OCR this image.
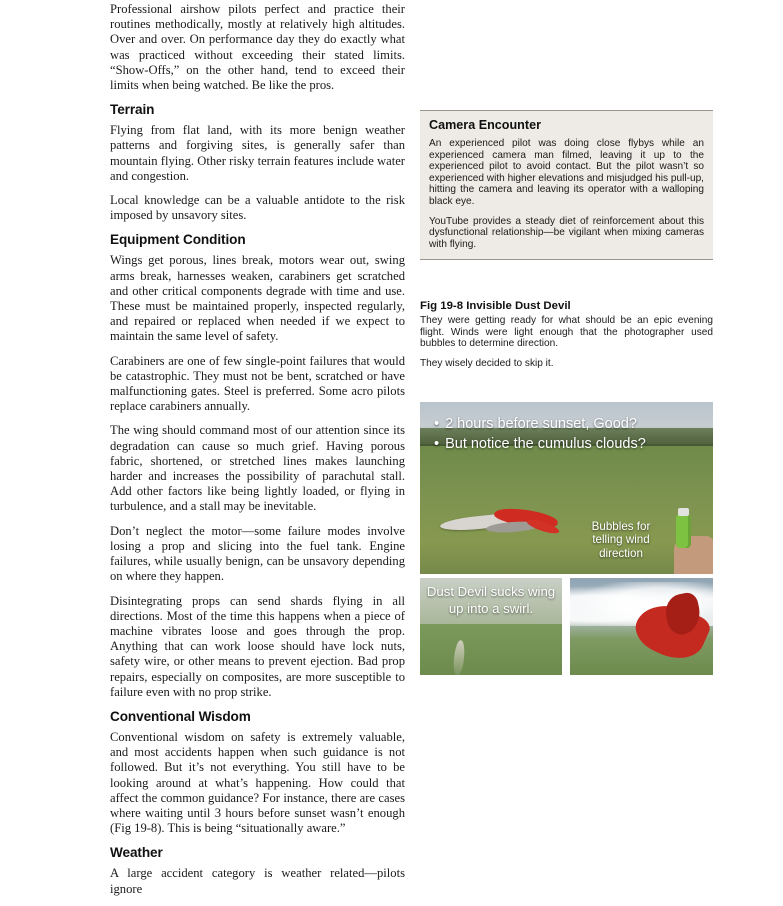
Professional airshow pilots perfect and practice their routines methodically, mostly at relatively high altitudes. Over and over. On performance day they do exactly what was practiced without exceeding their stated limits. “Show-Offs,” on the other hand, tend to exceed their limits when being watched. Be like the pros.

Terrain

Flying from flat land, with its more benign weather patterns and forgiving sites, is generally safer than mountain flying. Other risky terrain features include water and congestion.

Local knowledge can be a valuable antidote to the risk imposed by unsavory sites.

Equipment Condition

Wings get porous, lines break, motors wear out, swing arms break, harnesses weaken, carabiners get scratched and other critical components degrade with time and use. These must be maintained properly, inspected regularly, and repaired or replaced when needed if we expect to maintain the same level of safety.

Carabiners are one of few single-point failures that would be catastrophic. They must not be bent, scratched or have malfunctioning gates. Steel is preferred. Some acro pilots replace carabiners annually.

The wing should command most of our attention since its degradation can cause so much grief. Having porous fabric, shortened, or stretched lines makes launching harder and increases the possibility of parachutal stall. Add other factors like being lightly loaded, or flying in turbulence, and a stall may be inevitable.

Don’t neglect the motor—some failure modes involve losing a prop and slicing into the fuel tank. Engine failures, while usually benign, can be unsavory depending on where they happen.

Disintegrating props can send shards flying in all directions. Most of the time this happens when a piece of machine vibrates loose and goes through the prop. Anything that can work loose should have lock nuts, safety wire, or other means to prevent ejection. Bad prop repairs, especially on composites, are more susceptible to failure even with no prop strike.

Conventional Wisdom

Conventional wisdom on safety is extremely valuable, and most accidents happen when such guidance is not followed. But it’s not everything. You still have to be looking around at what’s happening. How could that affect the common guidance? For instance, there are cases where waiting until 3 hours before sunset wasn’t enough (Fig 19-8). This is being “situationally aware.”

Weather

A large accident category is weather related—pilots ignore

Camera Encounter

An experienced pilot was doing close flybys while an experienced camera man filmed, leaving it up to the experienced pilot to avoid contact. But the pilot wasn’t so experienced with higher elevations and misjudged his pull-up, hitting the camera and leaving its operator with a walloping black eye.

YouTube provides a steady diet of reinforcement about this dysfunctional relationship—be vigilant when mixing cameras with flying.

Fig 19-8 Invisible Dust Devil

They were getting ready for what should be an epic evening flight. Winds were light enough that the photographer used bubbles to determine direction.

They wisely decided to skip it.

• 2 hours before sunset, Good?
• But notice the cumulus clouds?
Bubbles for telling wind direction
Dust Devil sucks wing up into a swirl.
